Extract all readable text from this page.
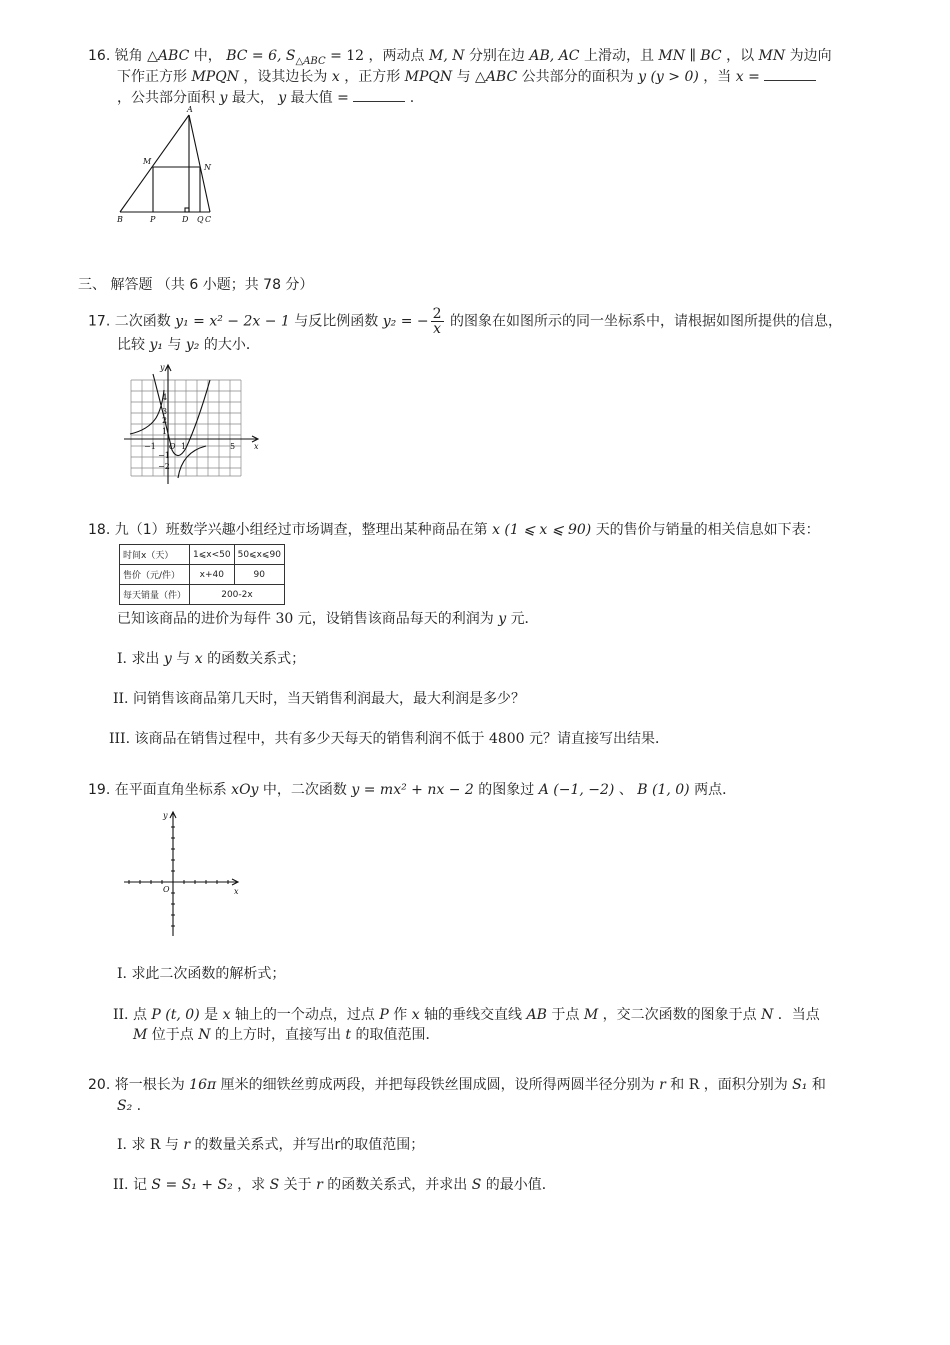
16. 锐角 △ABC 中， BC = 6, $S_{\triangle ABC} = 12$ ，两动点 M, N 分别在边 AB, AC 上滑动，且 MN ∥ BC ，以 MN 为边向
下作正方形 MPQN ，设其边长为 x ，正方形 MPQN 与 △ABC 公共部分的面积为 y (y > 0) ，当 x =
，公共部分面积 y 最大， y 最大值 =	.
A
M
N
B	P	D Q C
三、 解答题 （共 6 小题；共 78 分）
17. 二次函数 y₁ = x² − 2x − 1 与反比例函数 y₂ = − $\frac{2}{x}$ 的图象在如图所示的同一坐标系中，请根据如图所提供的信息，
比较 y₁ 与 y₂ 的大小．
y
x
O
4
3
2
1
−1
−2
−1	1	5
18. 九（1）班数学兴趣小组经过市场调查，整理出某种商品在第 x (1 ⩽ x ⩽ 90) 天的售价与销量的相关信息如下表：
时间x（天）	1⩽x<50	50⩽x⩽90
售价（元/件）	x+40	90
每天销量（件）	200-2x	
已知该商品的进价为每件 30 元，设销售该商品每天的利润为 y 元．
I. 求出 y 与 x 的函数关系式；
II. 问销售该商品第几天时，当天销售利润最大，最大利润是多少？
III. 该商品在销售过程中，共有多少天每天的销售利润不低于 4800 元？请直接写出结果．
19. 在平面直角坐标系 xOy 中，二次函数 y = mx² + nx − 2 的图象过 A (−1, −2) 、 B (1, 0) 两点．
y
x
O
I. 求此二次函数的解析式；
II. 点 P (t, 0) 是 x 轴上的一个动点，过点 P 作 x 轴的垂线交直线 AB 于点 M ，交二次函数的图象于点 N ．当点
M 位于点 N 的上方时，直接写出 t 的取值范围．
20. 将一根长为 16π 厘米的细铁丝剪成两段，并把每段铁丝围成圆，设所得两圆半径分别为 r 和 R ，面积分别为 S₁ 和
S₂ .
I. 求 R 与 r 的数量关系式，并写出r的取值范围；
II. 记 S = S₁ + S₂ ，求 S 关于 r 的函数关系式，并求出 S 的最小值．
